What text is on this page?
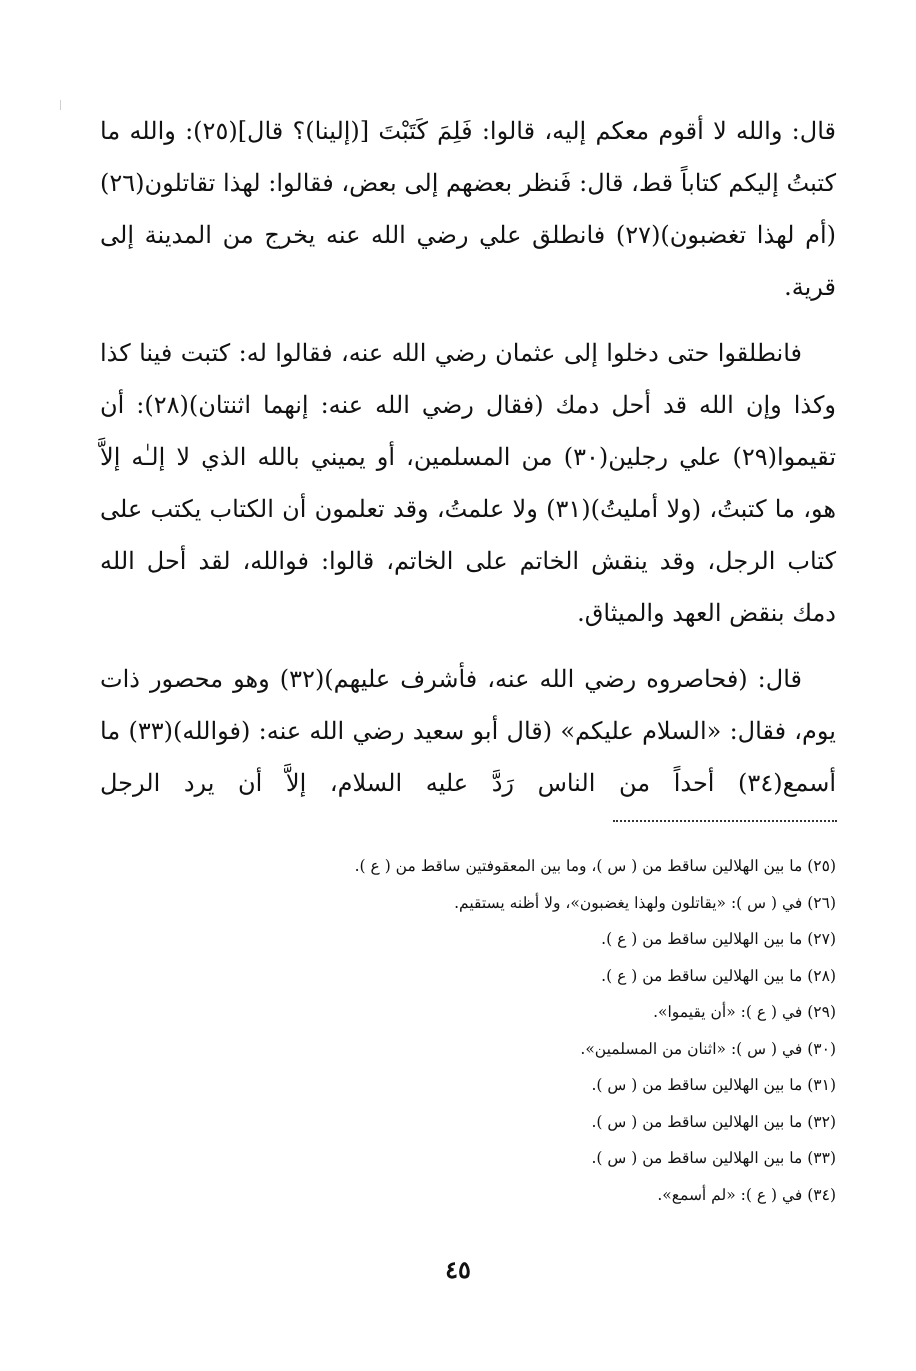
قال: والله لا أقوم معكم إليه، قالوا: فَلِمَ كَتَبْتَ [(إلينا)؟ قال](٢٥): والله ما كتبتُ إليكم كتاباً قط، قال: فَنظر بعضهم إلى بعض، فقالوا: لهذا تقاتلون(٢٦) (أم لهذا تغضبون)(٢٧) فانطلق علي رضي الله عنه يخرج من المدينة إلى قرية.

فانطلقوا حتى دخلوا إلى عثمان رضي الله عنه، فقالوا له: كتبت فينا كذا وكذا وإن الله قد أحل دمك (فقال رضي الله عنه: إنهما اثنتان)(٢٨): أن تقيموا(٢٩) علي رجلين(٣٠) من المسلمين، أو يميني بالله الذي لا إلـٰه إلاَّ هو، ما كتبتُ، (ولا أمليتُ)(٣١) ولا علمتُ، وقد تعلمون أن الكتاب يكتب على كتاب الرجل، وقد ينقش الخاتم على الخاتم، قالوا: فوالله، لقد أحل الله دمك بنقض العهد والميثاق.

قال: (فحاصروه رضي الله عنه، فأشرف عليهم)(٣٢) وهو محصور ذات يوم، فقال: «السلام عليكم» (قال أبو سعيد رضي الله عنه: (فوالله)(٣٣) ما أسمع(٣٤) أحداً من الناس رَدَّ عليه السلام، إلاَّ أن يرد الرجل

(٢٥) ما بين الهلالين ساقط من ( س )، وما بين المعقوفتين ساقط من ( ع ).
(٢٦) في ( س ): «يقاتلون ولهذا يغضبون»، ولا أظنه يستقيم.
(٢٧) ما بين الهلالين ساقط من ( ع ).
(٢٨) ما بين الهلالين ساقط من ( ع ).
(٢٩) في ( ع ): «أن يقيموا».
(٣٠) في ( س ): «اثنان من المسلمين».
(٣١) ما بين الهلالين ساقط من ( س ).
(٣٢) ما بين الهلالين ساقط من ( س ).
(٣٣) ما بين الهلالين ساقط من ( س ).
(٣٤) في ( ع ): «لم أسمع».
٤٥
